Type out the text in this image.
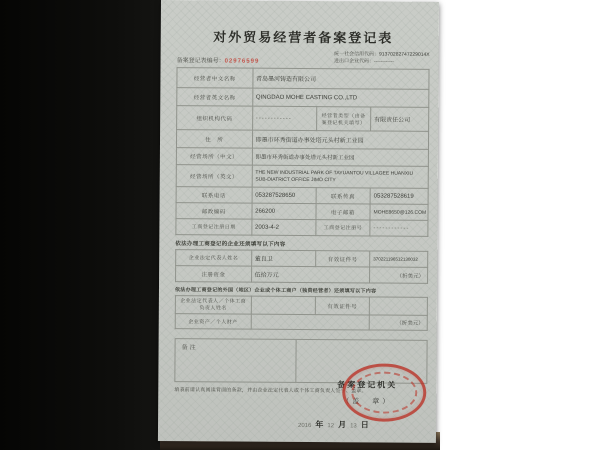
对外贸易经营者备案登记表
备案登记表编号：02976599
统一社会信用代码：91370282747229014X
进出口企业代码：------------
经营者中文名称	青岛墨河铸造有限公司		
经营者英文名称	QINGDAO MOHE CASTING CO.,LTD		
组织机构代码	------------	经营者类型（由备案登记机关填写）	有限责任公司
住　所	即墨市环秀街道办事处塔元头村新工业园		
经营场所（中文）	即墨市环秀街道办事处塔元头村新工业园		
经营场所（英文）	THE NEW INDUSTRIAL PARK OF TAYUANTOU VILLAGEE HUANXIU SUB-DIATRICT OFFICE JIMO CITY		
联系电话	053287528650	联系传真	053287528619
邮政编码	266200	电子邮箱	MOHE8650@126.COM
工商登记注册日期	2003-4-2	工商登记注册号	------------
依法办理工商登记的企业还须填写以下内容
企业法定代表人姓名	董良卫	有效证件号	370221196512130032
注册资金	伍拾万元		（折美元）
依法办理工商登记的外国（地区）企业或个体工商户（独资经营者）还须填写以下内容
企业法定代表人／个体工商负责人姓名		有效证件号	
企业资产／个人财产			（折美元）
备注
填表前请认真阅读背面的条款，并由企业法定代表人或个体工商负责人签字、盖章。
备案登记机关
（盖　章）
2016 年 12 月 13 日
